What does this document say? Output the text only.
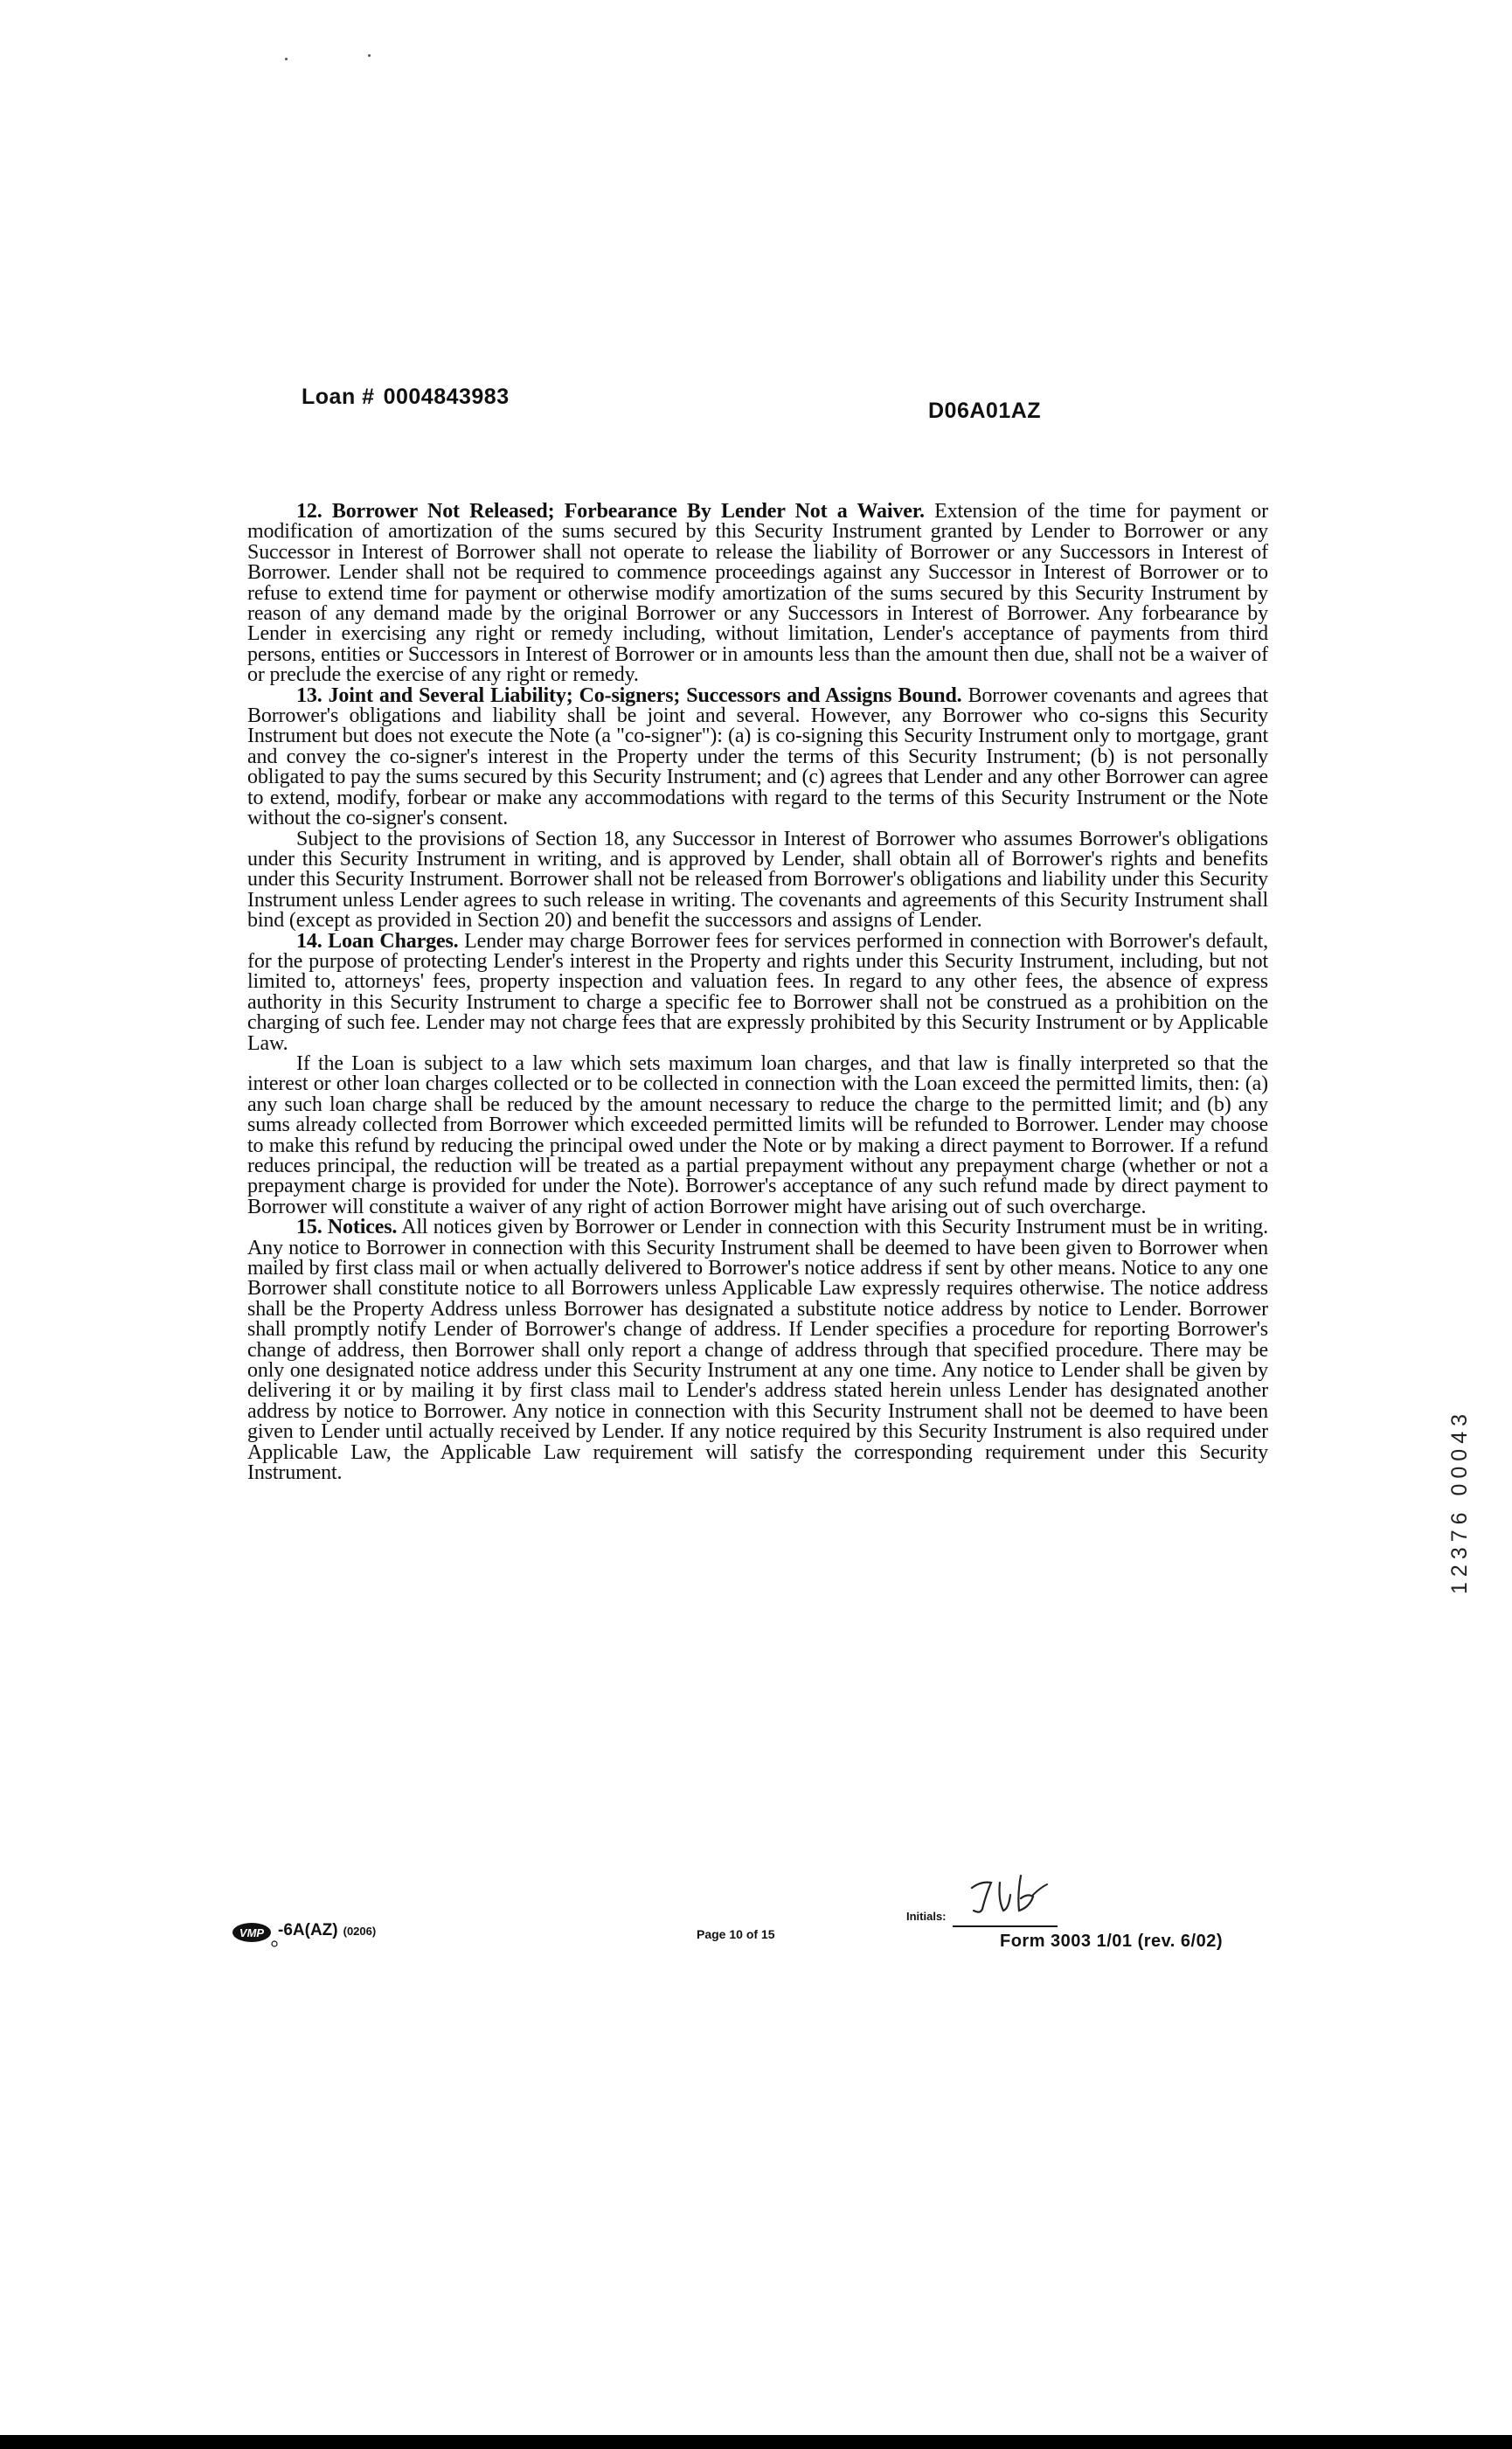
Loan # 0004843983
D06A01AZ

12. Borrower Not Released; Forbearance By Lender Not a Waiver. Extension of the time for payment or modification of amortization of the sums secured by this Security Instrument granted by Lender to Borrower or any Successor in Interest of Borrower shall not operate to release the liability of Borrower or any Successors in Interest of Borrower. Lender shall not be required to commence proceedings against any Successor in Interest of Borrower or to refuse to extend time for payment or otherwise modify amortization of the sums secured by this Security Instrument by reason of any demand made by the original Borrower or any Successors in Interest of Borrower. Any forbearance by Lender in exercising any right or remedy including, without limitation, Lender's acceptance of payments from third persons, entities or Successors in Interest of Borrower or in amounts less than the amount then due, shall not be a waiver of or preclude the exercise of any right or remedy.

13. Joint and Several Liability; Co-signers; Successors and Assigns Bound. Borrower covenants and agrees that Borrower's obligations and liability shall be joint and several. However, any Borrower who co-signs this Security Instrument but does not execute the Note (a "co-signer"): (a) is co-signing this Security Instrument only to mortgage, grant and convey the co-signer's interest in the Property under the terms of this Security Instrument; (b) is not personally obligated to pay the sums secured by this Security Instrument; and (c) agrees that Lender and any other Borrower can agree to extend, modify, forbear or make any accommodations with regard to the terms of this Security Instrument or the Note without the co-signer's consent.

Subject to the provisions of Section 18, any Successor in Interest of Borrower who assumes Borrower's obligations under this Security Instrument in writing, and is approved by Lender, shall obtain all of Borrower's rights and benefits under this Security Instrument. Borrower shall not be released from Borrower's obligations and liability under this Security Instrument unless Lender agrees to such release in writing. The covenants and agreements of this Security Instrument shall bind (except as provided in Section 20) and benefit the successors and assigns of Lender.

14. Loan Charges. Lender may charge Borrower fees for services performed in connection with Borrower's default, for the purpose of protecting Lender's interest in the Property and rights under this Security Instrument, including, but not limited to, attorneys' fees, property inspection and valuation fees. In regard to any other fees, the absence of express authority in this Security Instrument to charge a specific fee to Borrower shall not be construed as a prohibition on the charging of such fee. Lender may not charge fees that are expressly prohibited by this Security Instrument or by Applicable Law.

If the Loan is subject to a law which sets maximum loan charges, and that law is finally interpreted so that the interest or other loan charges collected or to be collected in connection with the Loan exceed the permitted limits, then: (a) any such loan charge shall be reduced by the amount necessary to reduce the charge to the permitted limit; and (b) any sums already collected from Borrower which exceeded permitted limits will be refunded to Borrower. Lender may choose to make this refund by reducing the principal owed under the Note or by making a direct payment to Borrower. If a refund reduces principal, the reduction will be treated as a partial prepayment without any prepayment charge (whether or not a prepayment charge is provided for under the Note). Borrower's acceptance of any such refund made by direct payment to Borrower will constitute a waiver of any right of action Borrower might have arising out of such overcharge.

15. Notices. All notices given by Borrower or Lender in connection with this Security Instrument must be in writing. Any notice to Borrower in connection with this Security Instrument shall be deemed to have been given to Borrower when mailed by first class mail or when actually delivered to Borrower's notice address if sent by other means. Notice to any one Borrower shall constitute notice to all Borrowers unless Applicable Law expressly requires otherwise. The notice address shall be the Property Address unless Borrower has designated a substitute notice address by notice to Lender. Borrower shall promptly notify Lender of Borrower's change of address. If Lender specifies a procedure for reporting Borrower's change of address, then Borrower shall only report a change of address through that specified procedure. There may be only one designated notice address under this Security Instrument at any one time. Any notice to Lender shall be given by delivering it or by mailing it by first class mail to Lender's address stated herein unless Lender has designated another address by notice to Borrower. Any notice in connection with this Security Instrument shall not be deemed to have been given to Lender until actually received by Lender. If any notice required by this Security Instrument is also required under Applicable Law, the Applicable Law requirement will satisfy the corresponding requirement under this Security Instrument.	12376 00043
VMP -6A(AZ) (0206)	Page 10 of 15
Initials:
Form 3003 1/01 (rev. 6/02)
